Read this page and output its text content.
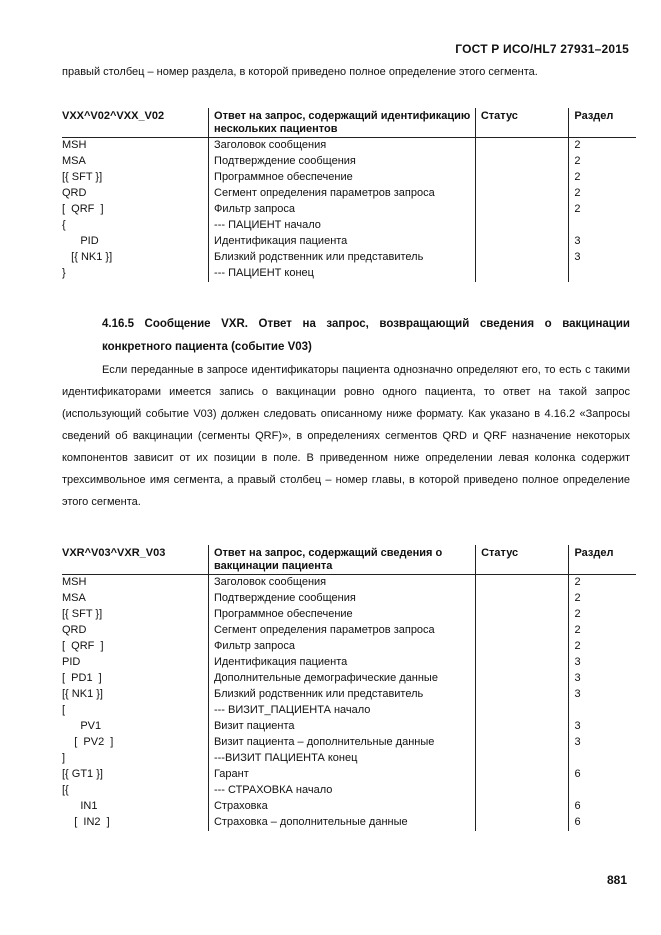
ГОСТ Р ИСО/HL7 27931–2015
правый столбец – номер раздела, в которой приведено полное определение этого сегмента.
VXX^V02^VXX_V02	Ответ на запрос, содержащий идентификацию нескольких пациентов	Статус	Раздел
MSH	Заголовок сообщения		2
MSA	Подтверждение сообщения		2
[{ SFT }]	Программное обеспечение		2
QRD	Сегмент определения параметров запроса		2
[  QRF  ]	Фильтр запроса		2
{	--- ПАЦИЕНТ начало		
PID	Идентификация пациента		3
[{ NK1 }]	Близкий родственник или представитель		3
}	--- ПАЦИЕНТ конец		
4.16.5 Сообщение VXR. Ответ на запрос, возвращающий сведения о вакцинации конкретного пациента (событие V03)
Если переданные в запросе идентификаторы пациента однозначно определяют его, то есть с такими идентификаторами имеется запись о вакцинации ровно одного пациента, то ответ на такой запрос (использующий событие V03) должен следовать описанному ниже формату. Как указано в 4.16.2 «Запросы сведений об вакцинации (сегменты QRF)», в определениях сегментов QRD и QRF назначение некоторых компонентов зависит от их позиции в поле. В приведенном ниже определении левая колонка содержит трехсимвольное имя сегмента, а правый столбец – номер главы, в которой приведено полное определение этого сегмента.
VXR^V03^VXR_V03	Ответ на запрос, содержащий сведения о вакцинации пациента	Статус	Раздел
MSH	Заголовок сообщения		2
MSA	Подтверждение сообщения		2
[{ SFT }]	Программное обеспечение		2
QRD	Сегмент определения параметров запроса		2
[  QRF  ]	Фильтр запроса		2
PID	Идентификация пациента		3
[  PD1  ]	Дополнительные демографические данные		3
[{ NK1 }]	Близкий родственник или представитель		3
[	--- ВИЗИТ_ПАЦИЕНТА начало		
PV1	Визит пациента		3
[  PV2  ]	Визит пациента – дополнительные данные		3
]	---ВИЗИТ ПАЦИЕНТА конец		
[{ GT1 }]	Гарант		6
[{	--- СТРАХОВКА начало		
IN1	Страховка		6
[  IN2  ]	Страховка – дополнительные данные		6
881
